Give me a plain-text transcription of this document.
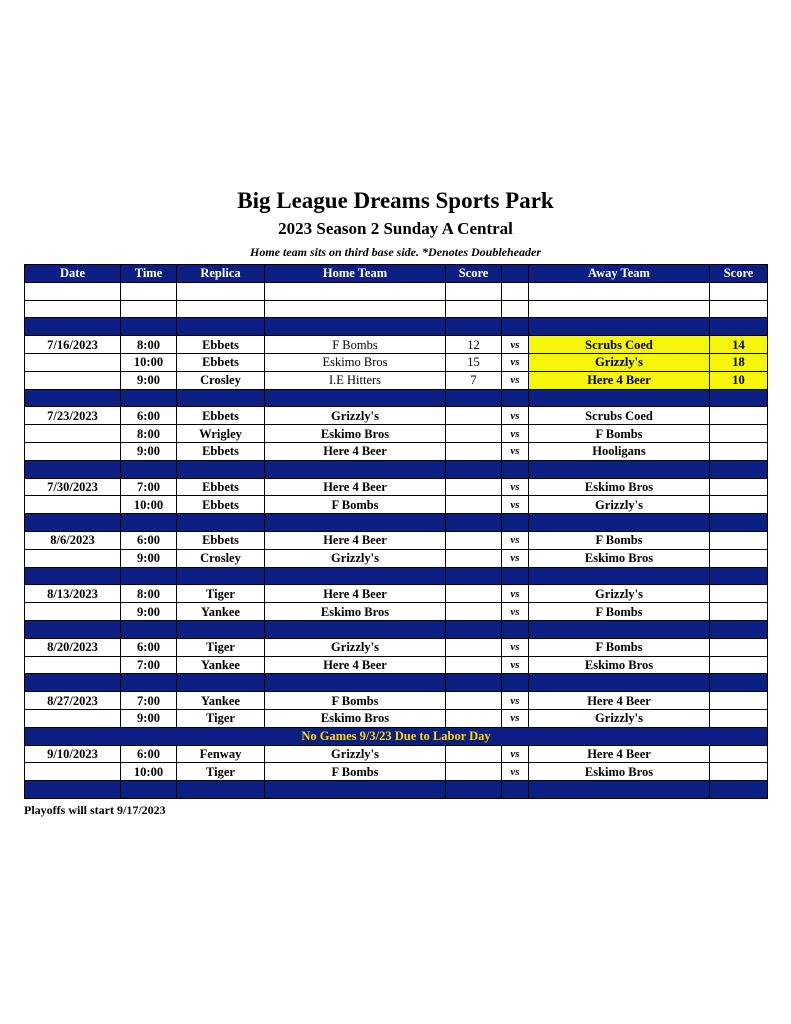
Big League Dreams Sports Park
2023 Season 2 Sunday A Central
Home team sits on third base side. *Denotes Doubleheader
Date	Time	Replica	Home Team	Score		Away Team	Score

7/16/2023	8:00	Ebbets	F Bombs	12	vs	Scrubs Coed	14
	10:00	Ebbets	Eskimo Bros	15	vs	Grizzly's	18
	9:00	Crosley	I.E Hitters	7	vs	Here 4 Beer	10

7/23/2023	6:00	Ebbets	Grizzly's		vs	Scrubs Coed	
	8:00	Wrigley	Eskimo Bros		vs	F Bombs	
	9:00	Ebbets	Here 4 Beer		vs	Hooligans	

7/30/2023	7:00	Ebbets	Here 4 Beer		vs	Eskimo Bros	
	10:00	Ebbets	F Bombs		vs	Grizzly's	

8/6/2023	6:00	Ebbets	Here 4 Beer		vs	F Bombs	
	9:00	Crosley	Grizzly's		vs	Eskimo Bros	

8/13/2023	8:00	Tiger	Here 4 Beer		vs	Grizzly's	
	9:00	Yankee	Eskimo Bros		vs	F Bombs	

8/20/2023	6:00	Tiger	Grizzly's		vs	F Bombs	
	7:00	Yankee	Here 4 Beer		vs	Eskimo Bros	

8/27/2023	7:00	Yankee	F Bombs		vs	Here 4 Beer	
	9:00	Tiger	Eskimo Bros		vs	Grizzly's	
No Games 9/3/23 Due to Labor Day							
9/10/2023	6:00	Fenway	Grizzly's		vs	Here 4 Beer	
	10:00	Tiger	F Bombs		vs	Eskimo Bros	

Playoffs will start 9/17/2023
